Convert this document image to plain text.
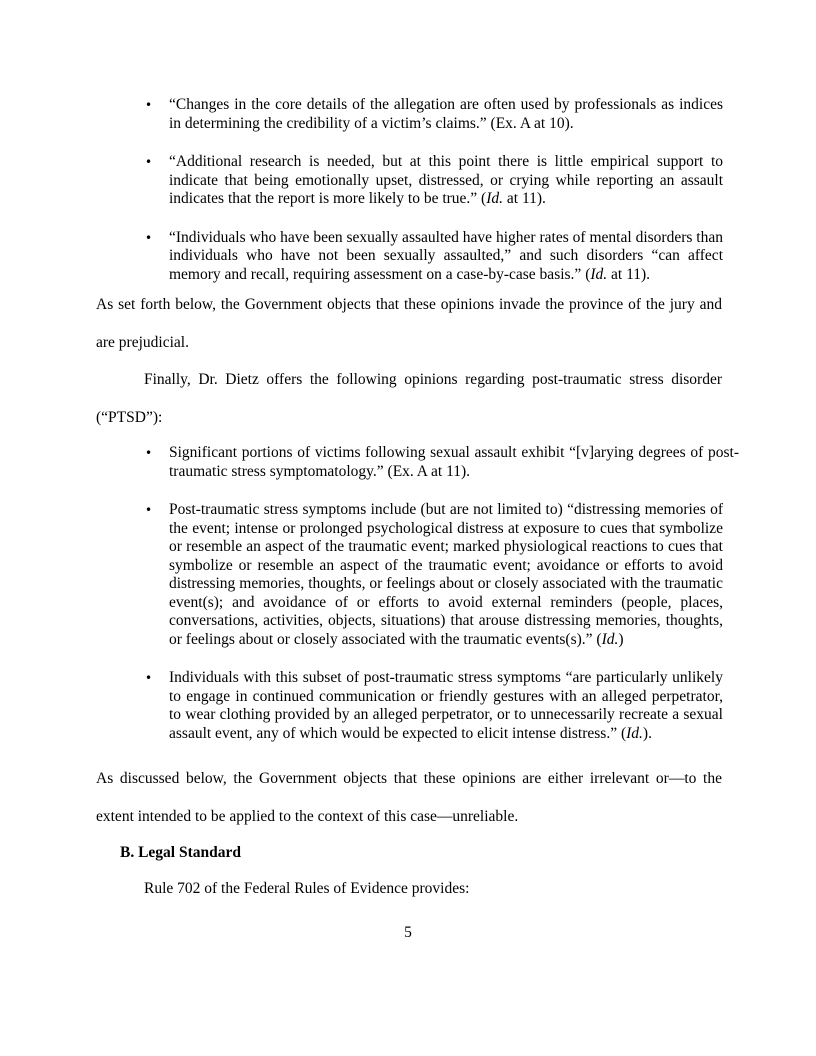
• “Changes in the core details of the allegation are often used by professionals as indices in determining the credibility of a victim’s claims.” (Ex. A at 10).
• “Additional research is needed, but at this point there is little empirical support to indicate that being emotionally upset, distressed, or crying while reporting an assault indicates that the report is more likely to be true.” (Id. at 11).
• “Individuals who have been sexually assaulted have higher rates of mental disorders than individuals who have not been sexually assaulted,” and such disorders “can affect memory and recall, requiring assessment on a case-by-case basis.” (Id. at 11).

As set forth below, the Government objects that these opinions invade the province of the jury and are prejudicial.

Finally, Dr. Dietz offers the following opinions regarding post-traumatic stress disorder (“PTSD”):

• Significant portions of victims following sexual assault exhibit “[v]arying degrees of post-traumatic stress symptomatology.” (Ex. A at 11).
• Post-traumatic stress symptoms include (but are not limited to) “distressing memories of the event; intense or prolonged psychological distress at exposure to cues that symbolize or resemble an aspect of the traumatic event; marked physiological reactions to cues that symbolize or resemble an aspect of the traumatic event; avoidance or efforts to avoid distressing memories, thoughts, or feelings about or closely associated with the traumatic event(s); and avoidance of or efforts to avoid external reminders (people, places, conversations, activities, objects, situations) that arouse distressing memories, thoughts, or feelings about or closely associated with the traumatic events(s).” (Id.)
• Individuals with this subset of post-traumatic stress symptoms “are particularly unlikely to engage in continued communication or friendly gestures with an alleged perpetrator, to wear clothing provided by an alleged perpetrator, or to unnecessarily recreate a sexual assault event, any of which would be expected to elicit intense distress.” (Id.).

As discussed below, the Government objects that these opinions are either irrelevant or—to the extent intended to be applied to the context of this case—unreliable.

B. Legal Standard

Rule 702 of the Federal Rules of Evidence provides:

5
